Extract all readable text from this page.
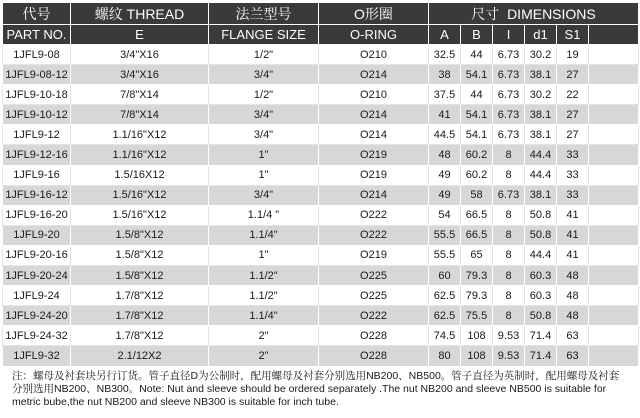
代号	螺纹 THREAD	法兰型号	O形圈	尺寸 DIMENSIONS					
PART NO.	E	FLANGE SIZE	O-RING	A	B	I	d1	S1	
1JFL9-08	3/4"X16	1/2"	O210	32.5	44	6.73	30.2	19	
1JFL9-08-12	3/4"X16	3/4"	O214	38	54.1	6.73	38.1	27	
1JFL9-10-18	7/8"X14	1/2"	O210	37.5	44	6.73	30.2	22	
1JFL9-10-12	7/8"X14	3/4"	O214	41	54.1	6.73	38.1	27	
1JFL9-12	1.1/16"X12	3/4"	O214	44.5	54.1	6.73	38.1	27	
1JFL9-12-16	1.1/16"X12	1"	O219	48	60.2	8	44.4	33	
1JFL9-16	1.5/16X12	1"	O219	49	60.2	8	44.4	33	
1JFL9-16-12	1.5/16"X12	3/4"	O214	49	58	6.73	38.1	33	
1JFL9-16-20	1.5/16"X12	1.1/4 "	O222	54	66.5	8	50.8	41	
1JFL9-20	1.5/8"X12	1.1/4"	O222	55.5	66.5	8	50.8	41	
1JFL9-20-16	1.5/8"X12	1"	O219	55.5	65	8	44.4	41	
1JFL9-20-24	1.5/8"X12	1.1/2"	O225	60	79.3	8	60.3	48	
1JFL9-24	1.7/8"X12	1.1/2"	O225	62.5	79.3	8	60.3	48	
1JFL9-24-20	1.7/8"X12	1.1/4"	O222	62.5	75.5	8	50.8	48	
1JFL9-24-32	1.7/8"X12	2"	O228	74.5	108	9.53	71.4	63	
1JFL9-32	2.1/12X2	2"	O228	80	108	9.53	71.4	63	
注：螺母及衬套块另行订货。管子直径D为公制时，配用螺母及衬套分别选用NB200、NB500。管子直径为英制时，配用螺母及衬套
分别选用NB200、NB300。Note: Nut and sleeve should be ordered separately .The nut NB200 and sleeve NB500 is suitable for
metric bube,the nut NB200 and sleeve NB300 is suitable for inch tube.
